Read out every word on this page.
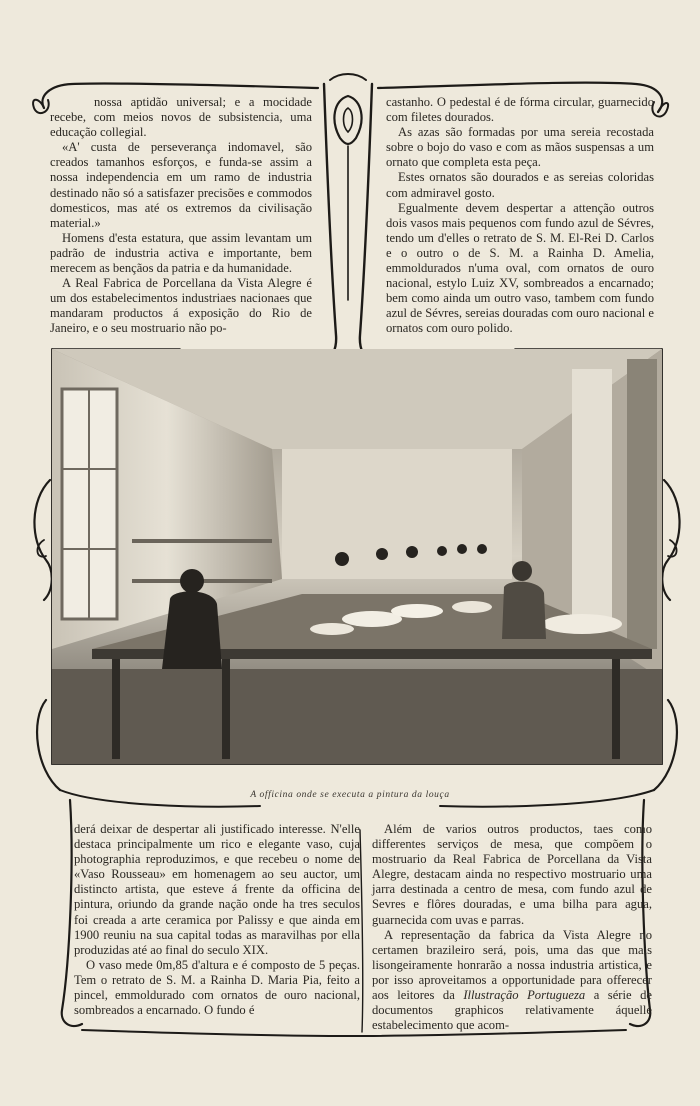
nossa aptidão universal; e a mocidade recebe, com meios novos de subsistencia, uma educação collegial.

«A' custa de perseverança indomavel, são creados tamanhos esforços, e funda-se assim a nossa independencia em um ramo de industria destinado não só a satisfazer precisões e commodos domesticos, mas até os extremos da civilisação material.»

Homens d'esta estatura, que assim levantam um padrão de industria activa e importante, bem merecem as bençãos da patria e da humanidade.

A Real Fabrica de Porcellana da Vista Alegre é um dos estabelecimentos industriaes nacionaes que mandaram productos á exposição do Rio de Janeiro, e o seu mostruario não po-

castanho. O pedestal é de fórma circular, guarnecido com filetes dourados.

As azas são formadas por uma sereia recostada sobre o bojo do vaso e com as mãos suspensas a um ornato que completa esta peça.

Estes ornatos são dourados e as sereias coloridas com admiravel gosto.

Egualmente devem despertar a attenção outros dois vasos mais pequenos com fundo azul de Sévres, tendo um d'elles o retrato de S. M. El-Rei D. Carlos e o outro o de S. M. a Rainha D. Amelia, emmoldurados n'uma oval, com ornatos de ouro nacional, estylo Luiz XV, sombreados a encarnado; bem como ainda um outro vaso, tambem com fundo azul de Sévres, sereias douradas com ouro nacional e ornatos com ouro polido.

A officina onde se executa a pintura da louça

derá deixar de despertar ali justificado interesse. N'elle destaca principalmente um rico e elegante vaso, cuja photographia reproduzimos, e que recebeu o nome de «Vaso Rousseau» em homenagem ao seu auctor, um distincto artista, que esteve á frente da officina de pintura, oriundo da grande nação onde ha tres seculos foi creada a arte ceramica por Palissy e que ainda em 1900 reuniu na sua capital todas as maravilhas por ella produzidas até ao final do seculo XIX.

O vaso mede 0m,85 d'altura e é composto de 5 peças. Tem o retrato de S. M. a Rainha D. Maria Pia, feito a pincel, emmoldurado com ornatos de ouro nacional, sombreados a encarnado. O fundo é

Além de varios outros productos, taes como differentes serviços de mesa, que compõem o mostruario da Real Fabrica de Porcellana da Vista Alegre, destacam ainda no respectivo mostruario uma jarra destinada a centro de mesa, com fundo azul de Sevres e flôres douradas, e uma bilha para agua, guarnecida com uvas e parras.

A representação da fabrica da Vista Alegre no certamen brazileiro será, pois, uma das que mais lisongeiramente honrarão a nossa industria artistica, e por isso aproveitamos a opportunidade para offerecer aos leitores da Illustração Portugueza a série de documentos graphicos relativamente áquelle estabelecimento que acom-
